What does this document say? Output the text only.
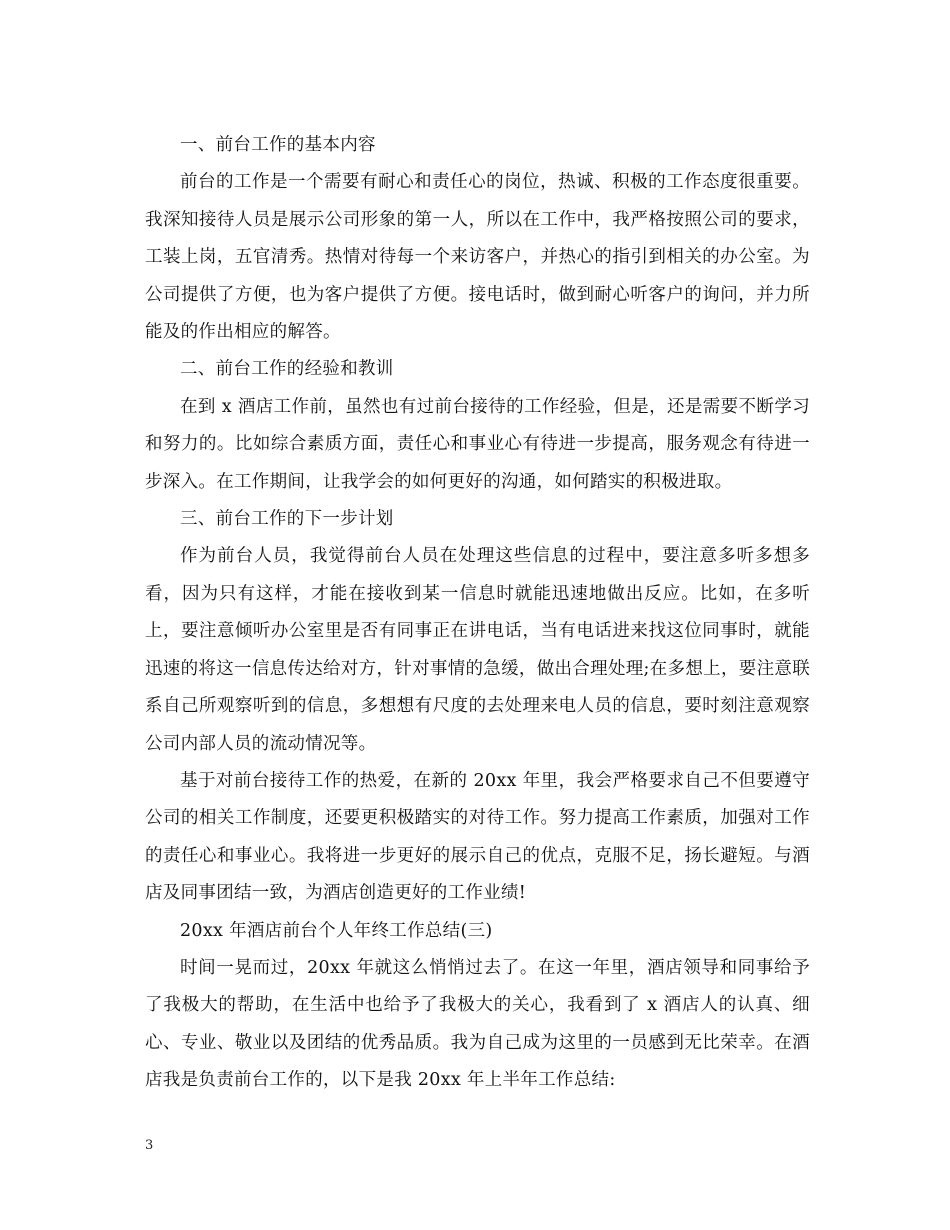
一、前台工作的基本内容

前台的工作是一个需要有耐心和责任心的岗位，热诚、积极的工作态度很重要。我深知接待人员是展示公司形象的第一人，所以在工作中，我严格按照公司的要求，工装上岗，五官清秀。热情对待每一个来访客户，并热心的指引到相关的办公室。为公司提供了方便，也为客户提供了方便。接电话时，做到耐心听客户的询问，并力所能及的作出相应的解答。

二、前台工作的经验和教训

在到 x 酒店工作前，虽然也有过前台接待的工作经验，但是，还是需要不断学习和努力的。比如综合素质方面，责任心和事业心有待进一步提高，服务观念有待进一步深入。在工作期间，让我学会的如何更好的沟通，如何踏实的积极进取。

三、前台工作的下一步计划

作为前台人员，我觉得前台人员在处理这些信息的过程中，要注意多听多想多看，因为只有这样，才能在接收到某一信息时就能迅速地做出反应。比如，在多听上，要注意倾听办公室里是否有同事正在讲电话，当有电话进来找这位同事时，就能迅速的将这一信息传达给对方，针对事情的急缓，做出合理处理;在多想上，要注意联系自己所观察听到的信息，多想想有尺度的去处理来电人员的信息，要时刻注意观察公司内部人员的流动情况等。

基于对前台接待工作的热爱，在新的 20xx 年里，我会严格要求自己不但要遵守公司的相关工作制度，还要更积极踏实的对待工作。努力提高工作素质，加强对工作的责任心和事业心。我将进一步更好的展示自己的优点，克服不足，扬长避短。与酒店及同事团结一致，为酒店创造更好的工作业绩!

20xx 年酒店前台个人年终工作总结(三)

时间一晃而过，20xx 年就这么悄悄过去了。在这一年里，酒店领导和同事给予了我极大的帮助，在生活中也给予了我极大的关心，我看到了 x 酒店人的认真、细心、专业、敬业以及团结的优秀品质。我为自己成为这里的一员感到无比荣幸。在酒店我是负责前台工作的，以下是我 20xx 年上半年工作总结:

3
